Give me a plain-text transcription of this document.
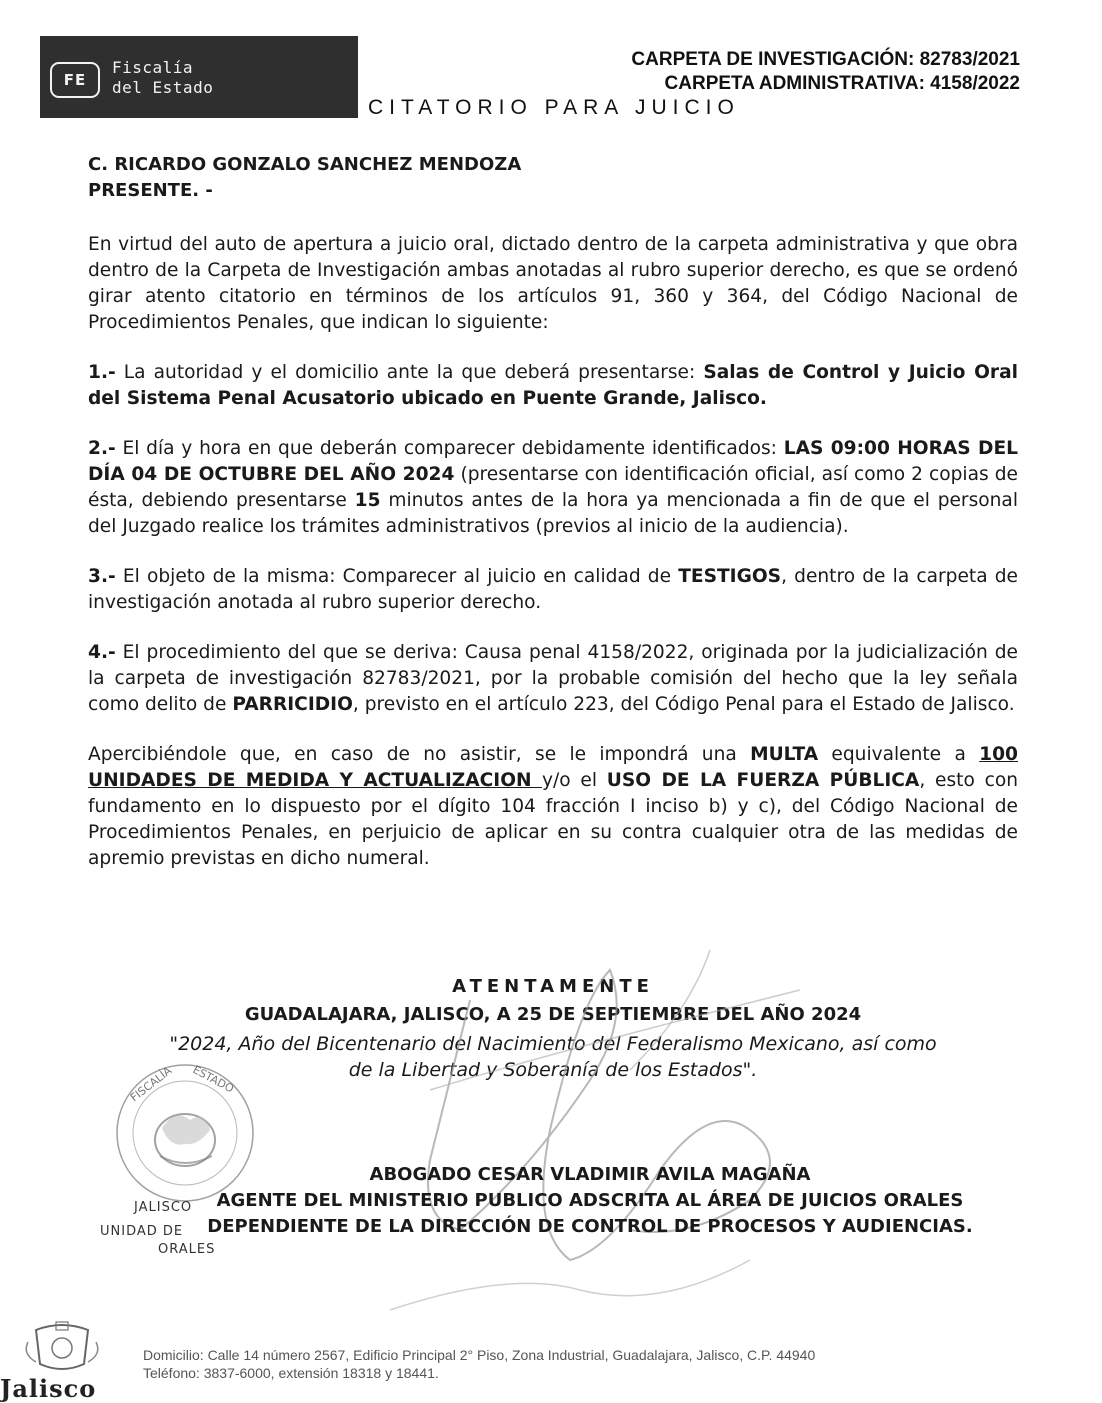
FE
Fiscalía
del Estado
CARPETA DE INVESTIGACIÓN: 82783/2021
CARPETA ADMINISTRATIVA: 4158/2022
CITATORIO PARA JUICIO
C. RICARDO GONZALO SANCHEZ MENDOZA
PRESENTE. -

En virtud del auto de apertura a juicio oral, dictado dentro de la carpeta administrativa y que obra dentro de la Carpeta de Investigación ambas anotadas al rubro superior derecho, es que se ordenó girar atento citatorio en términos de los artículos 91, 360 y 364, del Código Nacional de Procedimientos Penales, que indican lo siguiente:

1.- La autoridad y el domicilio ante la que deberá presentarse: Salas de Control y Juicio Oral del Sistema Penal Acusatorio ubicado en Puente Grande, Jalisco.

2.- El día y hora en que deberán comparecer debidamente identificados: LAS 09:00 HORAS DEL DÍA 04 DE OCTUBRE DEL AÑO 2024 (presentarse con identificación oficial, así como 2 copias de ésta, debiendo presentarse 15 minutos antes de la hora ya mencionada a fin de que el personal del Juzgado realice los trámites administrativos (previos al inicio de la audiencia).

3.- El objeto de la misma: Comparecer al juicio en calidad de TESTIGOS, dentro de la carpeta de investigación anotada al rubro superior derecho.

4.- El procedimiento del que se deriva: Causa penal 4158/2022, originada por la judicialización de la carpeta de investigación 82783/2021, por la probable comisión del hecho que la ley señala como delito de PARRICIDIO, previsto en el artículo 223, del Código Penal para el Estado de Jalisco.

Apercibiéndole que, en caso de no asistir, se le impondrá una MULTA equivalente a 100 UNIDADES DE MEDIDA Y ACTUALIZACION y/o el USO DE LA FUERZA PÚBLICA, esto con fundamento en lo dispuesto por el dígito 104 fracción I inciso b) y c), del Código Nacional de Procedimientos Penales, en perjuicio de aplicar en su contra cualquier otra de las medidas de apremio previstas en dicho numeral.

ATENTAMENTE
GUADALAJARA, JALISCO, A 25 DE SEPTIEMBRE DEL AÑO 2024
"2024, Año del Bicentenario del Nacimiento del Federalismo Mexicano, así como
de la Libertad y Soberanía de los Estados".
FISCALÍA ESTADO
JALISCO
UNIDAD DE
ORALES
ABOGADO CESAR VLADIMIR AVILA MAGAÑA
AGENTE DEL MINISTERIO PUBLICO ADSCRITA AL ÁREA DE JUICIOS ORALES
DEPENDIENTE DE LA DIRECCIÓN DE CONTROL DE PROCESOS Y AUDIENCIAS.
Jalisco
Domicilio: Calle 14 número 2567, Edificio Principal 2° Piso, Zona Industrial, Guadalajara, Jalisco, C.P. 44940
Teléfono: 3837-6000, extensión 18318 y 18441.
